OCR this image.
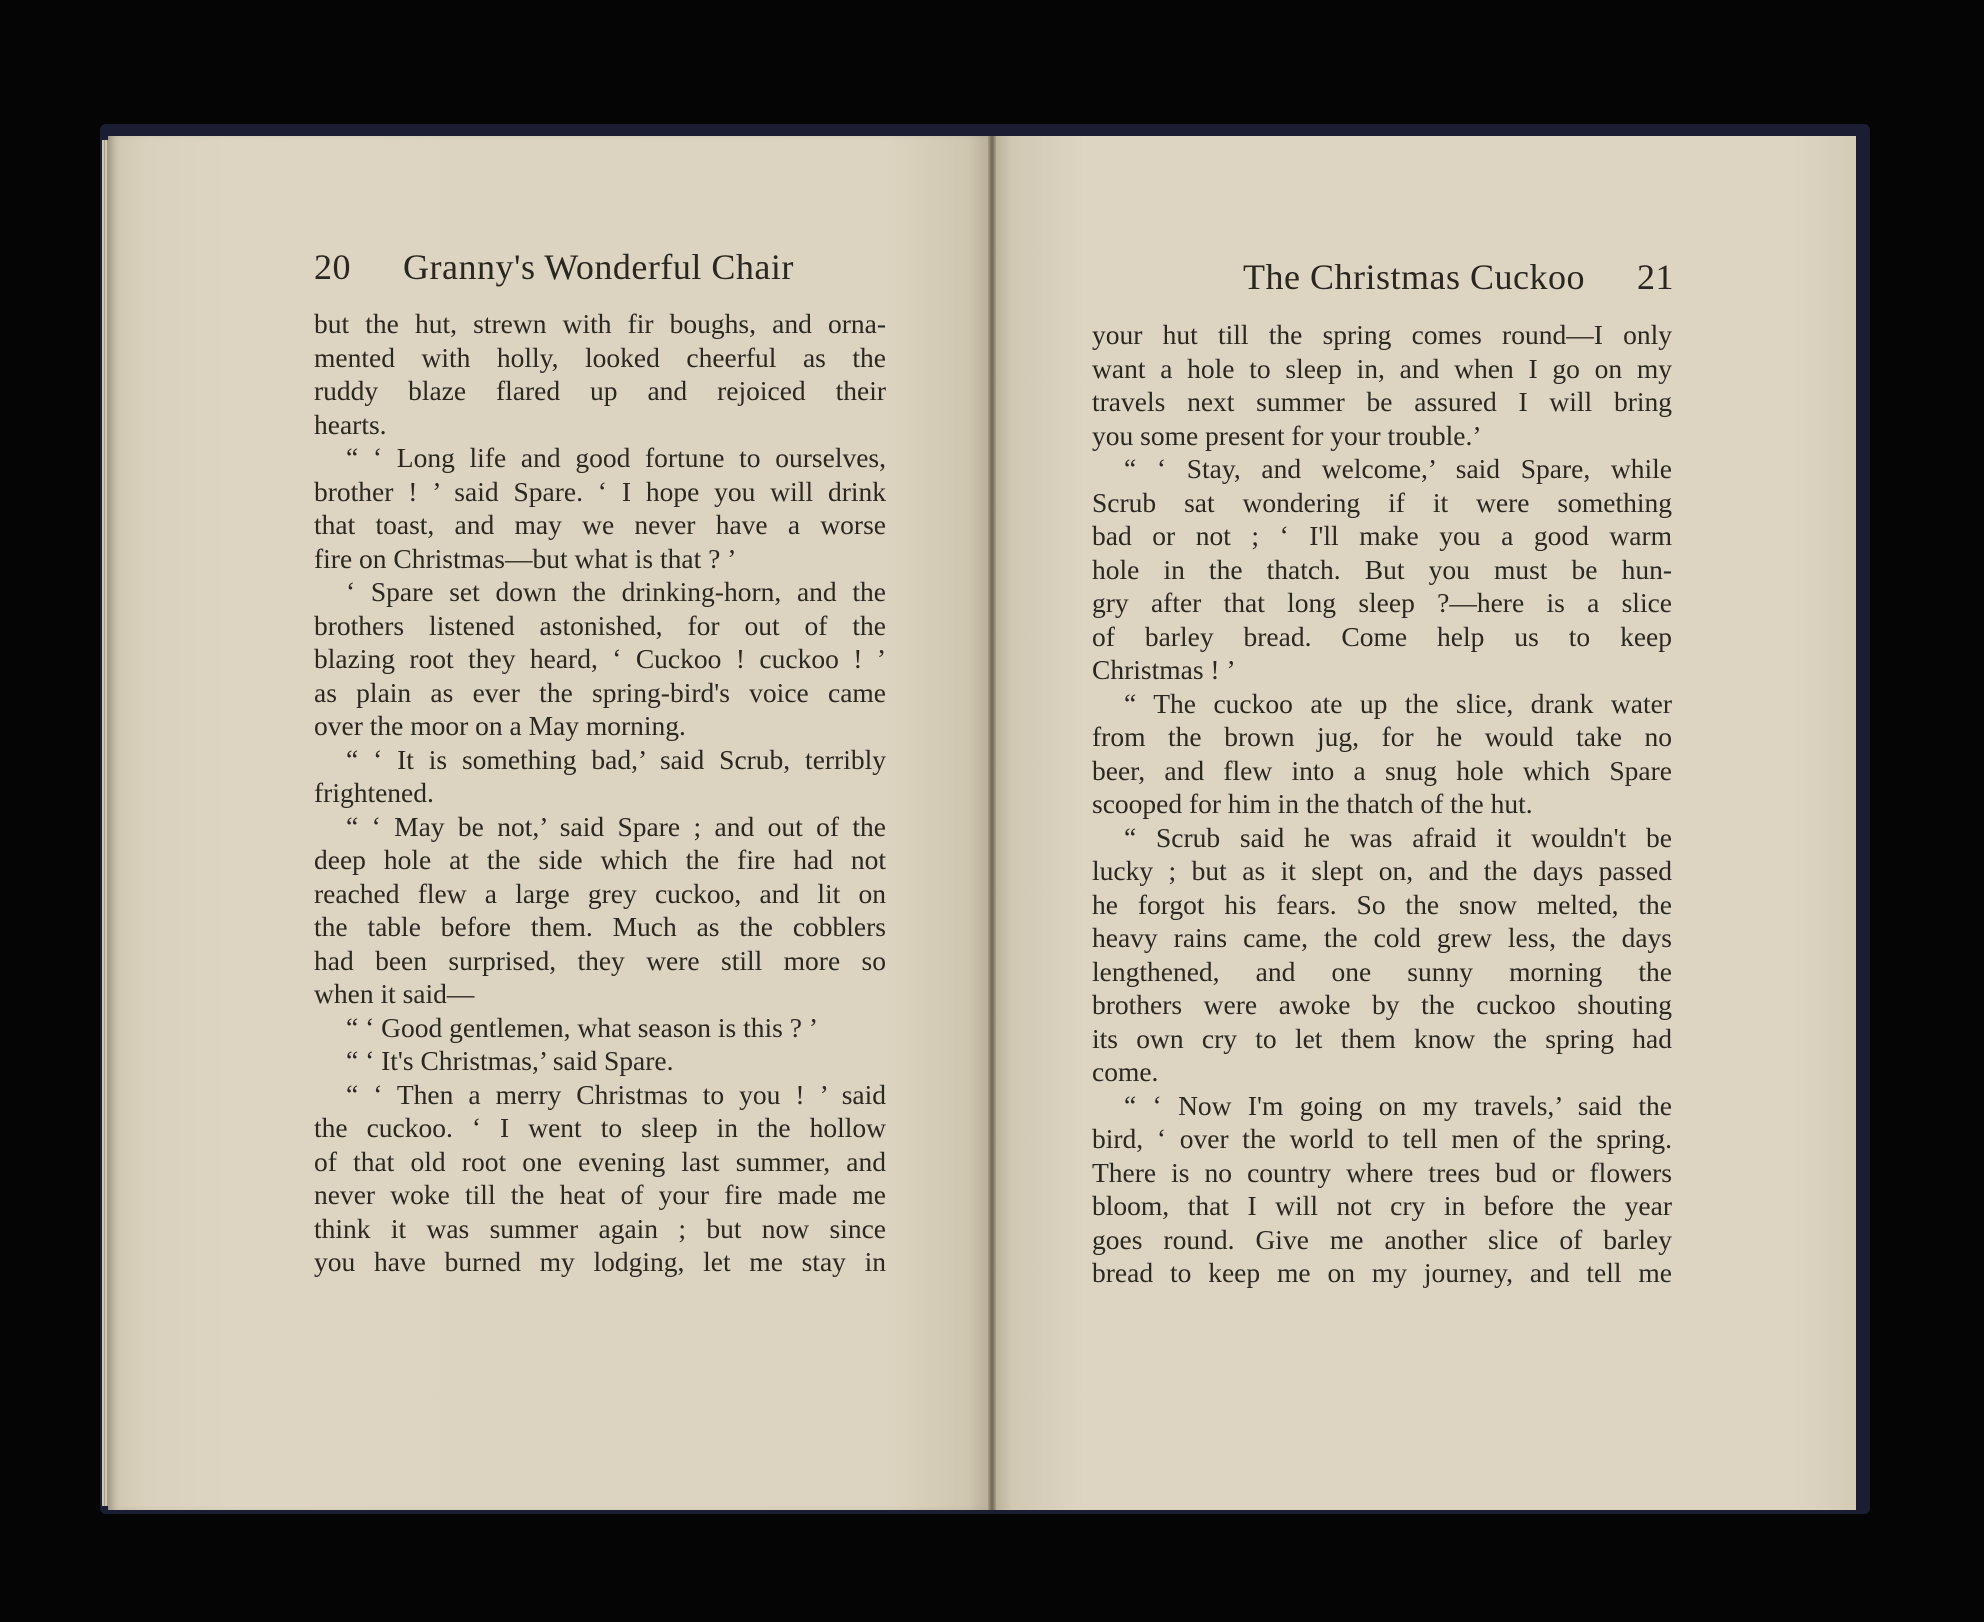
20 Granny's Wonderful Chair	The Christmas Cuckoo 21
but the hut, strewn with fir boughs, and orna-
mented with holly, looked cheerful as the
ruddy blaze flared up and rejoiced their
hearts.
“ ‘ Long life and good fortune to ourselves,
brother ! ’ said Spare. ‘ I hope you will drink
that toast, and may we never have a worse
fire on Christmas—but what is that ? ’
‘ Spare set down the drinking-horn, and the
brothers listened astonished, for out of the
blazing root they heard, ‘ Cuckoo ! cuckoo ! ’
as plain as ever the spring-bird's voice came
over the moor on a May morning.
“ ‘ It is something bad,’ said Scrub, terribly
frightened.
“ ‘ May be not,’ said Spare ; and out of the
deep hole at the side which the fire had not
reached flew a large grey cuckoo, and lit on
the table before them. Much as the cobblers
had been surprised, they were still more so
when it said—
“ ‘ Good gentlemen, what season is this ? ’
“ ‘ It's Christmas,’ said Spare.
“ ‘ Then a merry Christmas to you ! ’ said
the cuckoo. ‘ I went to sleep in the hollow
of that old root one evening last summer, and
never woke till the heat of your fire made me
think it was summer again ; but now since
you have burned my lodging, let me stay in
your hut till the spring comes round—I only
want a hole to sleep in, and when I go on my
travels next summer be assured I will bring
you some present for your trouble.’
“ ‘ Stay, and welcome,’ said Spare, while
Scrub sat wondering if it were something
bad or not ; ‘ I'll make you a good warm
hole in the thatch. But you must be hun-
gry after that long sleep ?—here is a slice
of barley bread. Come help us to keep
Christmas ! ’
“ The cuckoo ate up the slice, drank water
from the brown jug, for he would take no
beer, and flew into a snug hole which Spare
scooped for him in the thatch of the hut.
“ Scrub said he was afraid it wouldn't be
lucky ; but as it slept on, and the days passed
he forgot his fears. So the snow melted, the
heavy rains came, the cold grew less, the days
lengthened, and one sunny morning the
brothers were awoke by the cuckoo shouting
its own cry to let them know the spring had
come.
“ ‘ Now I'm going on my travels,’ said the
bird, ‘ over the world to tell men of the spring.
There is no country where trees bud or flowers
bloom, that I will not cry in before the year
goes round. Give me another slice of barley
bread to keep me on my journey, and tell me
